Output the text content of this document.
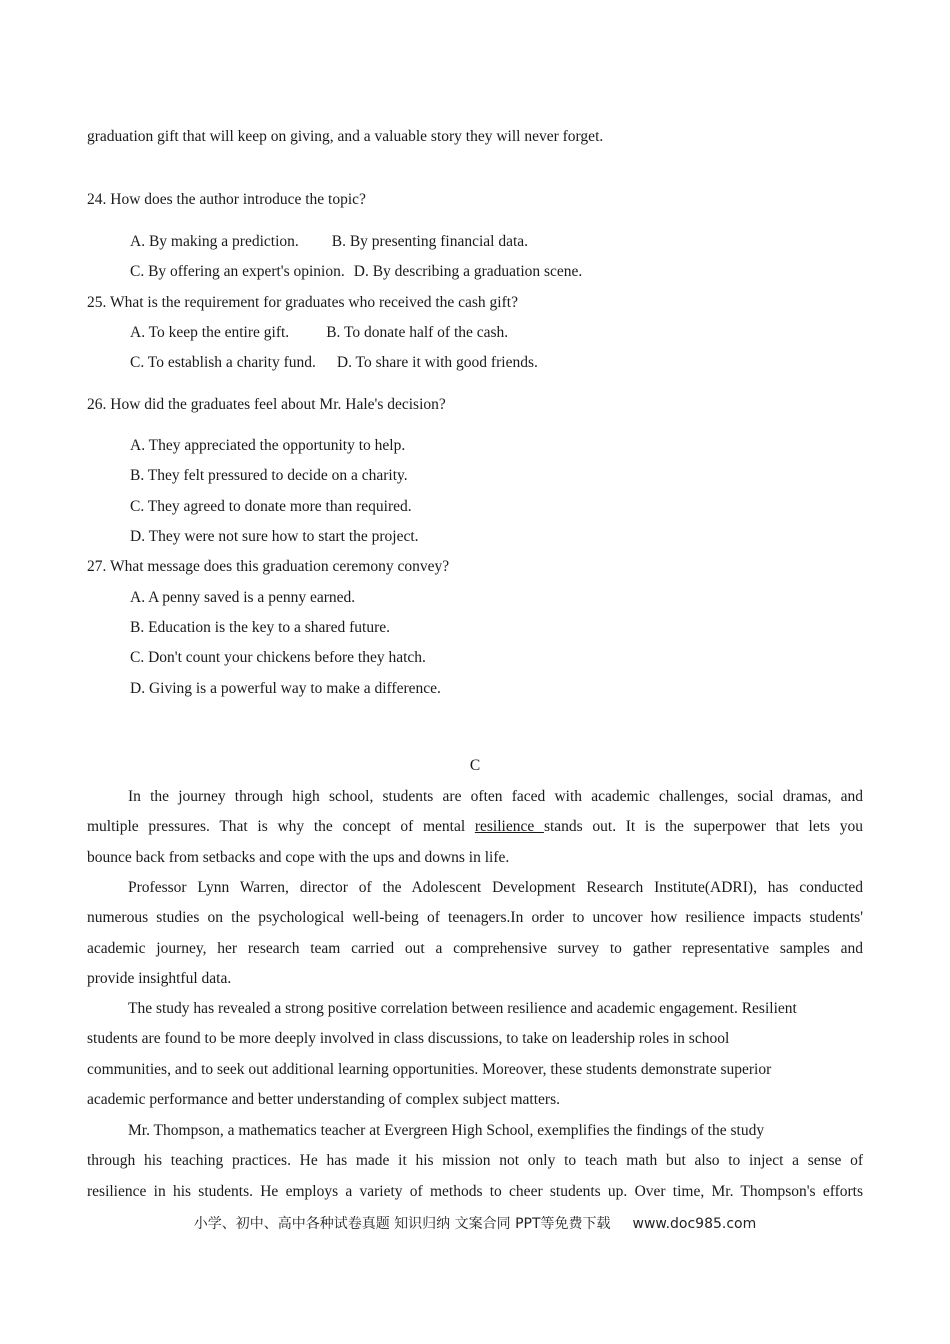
graduation gift that will keep on giving, and a valuable story they will never forget.
24. How does the author introduce the topic?
A. By making a prediction. B. By presenting financial data.
C. By offering an expert's opinion. D. By describing a graduation scene.
25. What is the requirement for graduates who received the cash gift?
A. To keep the entire gift. B. To donate half of the cash.
C. To establish a charity fund. D. To share it with good friends.
26. How did the graduates feel about Mr. Hale's decision?
A. They appreciated the opportunity to help.
B. They felt pressured to decide on a charity.
C. They agreed to donate more than required.
D. They were not sure how to start the project.
27. What message does this graduation ceremony convey?
A. A penny saved is a penny earned.
B. Education is the key to a shared future.
C. Don't count your chickens before they hatch.
D. Giving is a powerful way to make a difference.
C
In the journey through high school, students are often faced with academic challenges, social dramas, and
multiple pressures. That is why the concept of mental resilience stands out. It is the superpower that lets you
bounce back from setbacks and cope with the ups and downs in life.
Professor Lynn Warren, director of the Adolescent Development Research Institute(ADRI), has conducted
numerous studies on the psychological well-being of teenagers.In order to uncover how resilience impacts students'
academic journey, her research team carried out a comprehensive survey to gather representative samples and
provide insightful data.
The study has revealed a strong positive correlation between resilience and academic engagement. Resilient
students are found to be more deeply involved in class discussions, to take on leadership roles in school
communities, and to seek out additional learning opportunities. Moreover, these students demonstrate superior
academic performance and better understanding of complex subject matters.
Mr. Thompson, a mathematics teacher at Evergreen High School, exemplifies the findings of the study
through his teaching practices. He has made it his mission not only to teach math but also to inject a sense of
resilience in his students. He employs a variety of methods to cheer students up. Over time, Mr. Thompson's efforts
小学、初中、高中各种试卷真题 知识归纳 文案合同 PPT等免费下载 www.doc985.com
